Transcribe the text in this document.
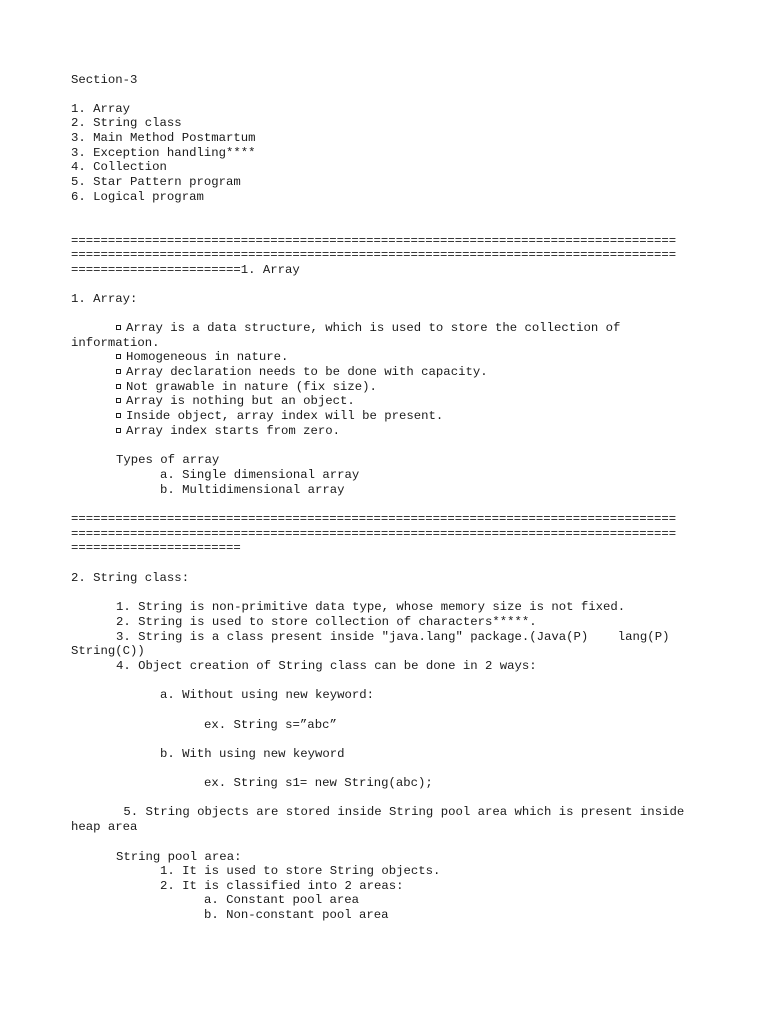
Section-3

1. Array

2. String class

3. Main Method Postmartum

3. Exception handling****

4. Collection

5. Star Pattern program

6. Logical program

==================================================================================

==================================================================================

=======================1. Array

1. Array:

Array is a data structure, which is used to store the collection of

information.

Homogeneous in nature.

Array declaration needs to be done with capacity.

Not grawable in nature (fix size).

Array is nothing but an object.

Inside object, array index will be present.

Array index starts from zero.

Types of array

a. Single dimensional array

b. Multidimensional array

==================================================================================

==================================================================================

=======================

2. String class:

1. String is non-primitive data type, whose memory size is not fixed.

2. String is used to store collection of characters*****.

3. String is a class present inside "java.lang" package.(Java(P)    lang(P)

String(C))

4. Object creation of String class can be done in 2 ways:

a. Without using new keyword:

ex. String s=”abc”

b. With using new keyword

ex. String s1= new String(abc);

5. String objects are stored inside String pool area which is present inside

heap area

String pool area:

1. It is used to store String objects.

2. It is classified into 2 areas:

a. Constant pool area

b. Non-constant pool area
